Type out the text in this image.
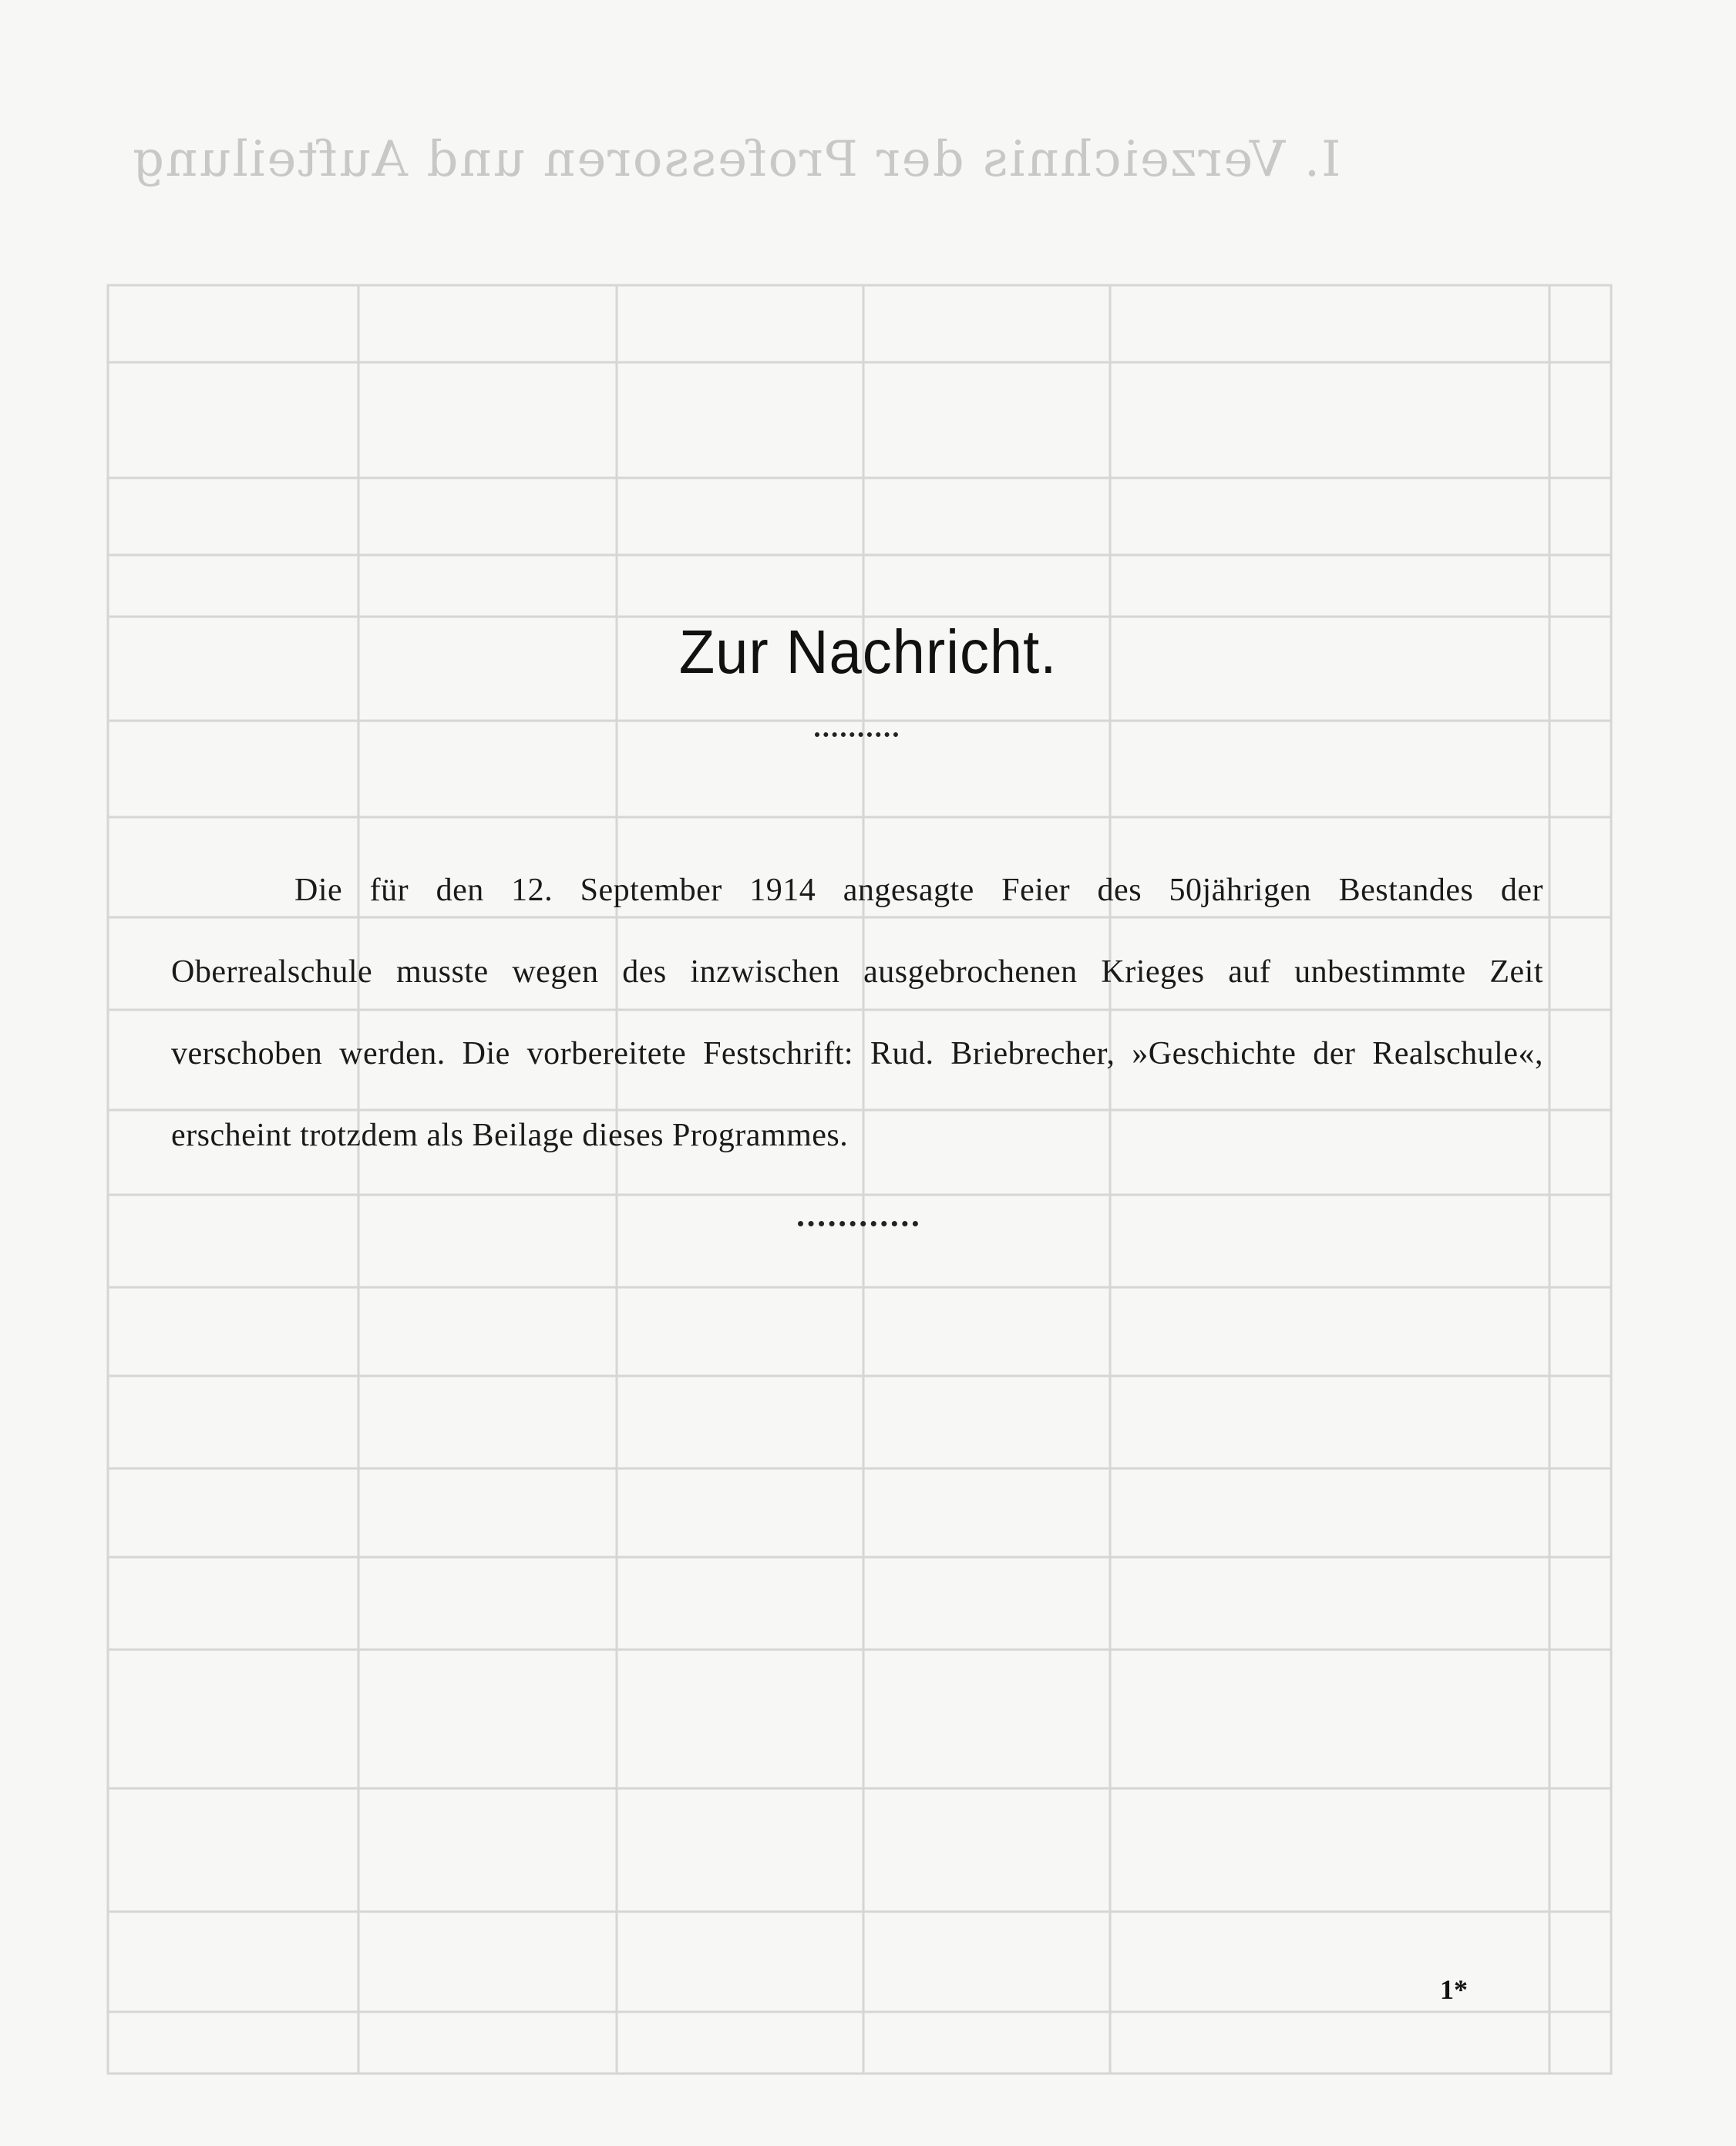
I. Verzeichnis der Professoren und Aufteilung
Zur Nachricht.

Die für den 12. September 1914 angesagte Feier des 50jährigen Bestandes der Oberrealschule musste wegen des inzwischen ausgebrochenen Krieges auf unbestimmte Zeit verschoben werden. Die vorbereitete Festschrift: Rud. Briebrecher, »Geschichte der Realschule«, erscheint trotzdem als Beilage dieses Programmes.

1*
